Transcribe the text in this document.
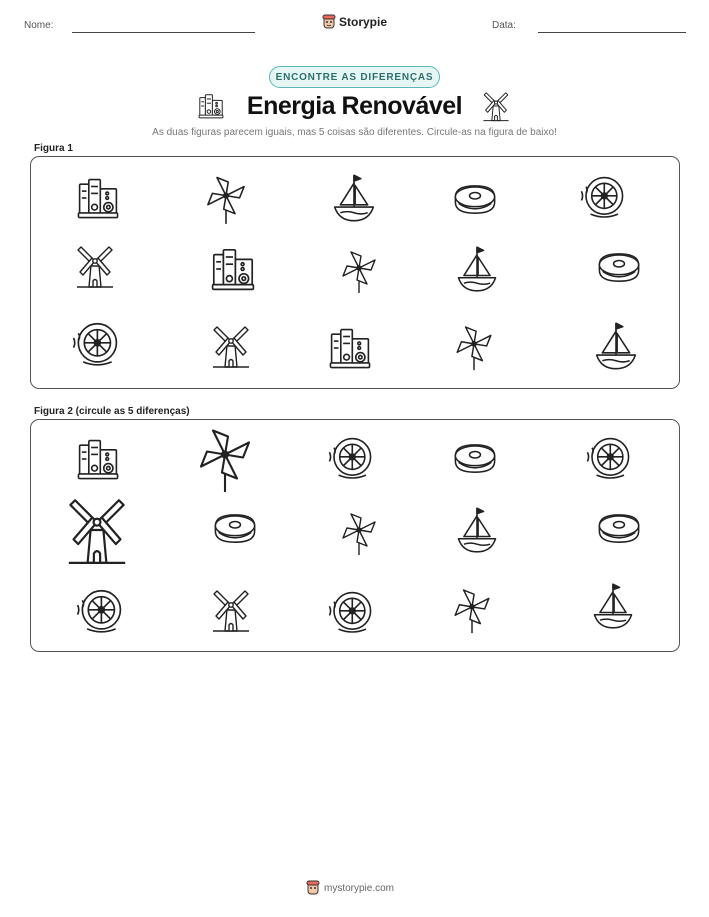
Nome:	Data:
Storypie
ENCONTRE AS DIFERENÇAS
Energia Renovável
As duas figuras parecem iguais, mas 5 coisas são diferentes. Circule-as na figura de baixo!
Figura 1
Figura 2 (circule as 5 diferenças)
mystorypie.com
